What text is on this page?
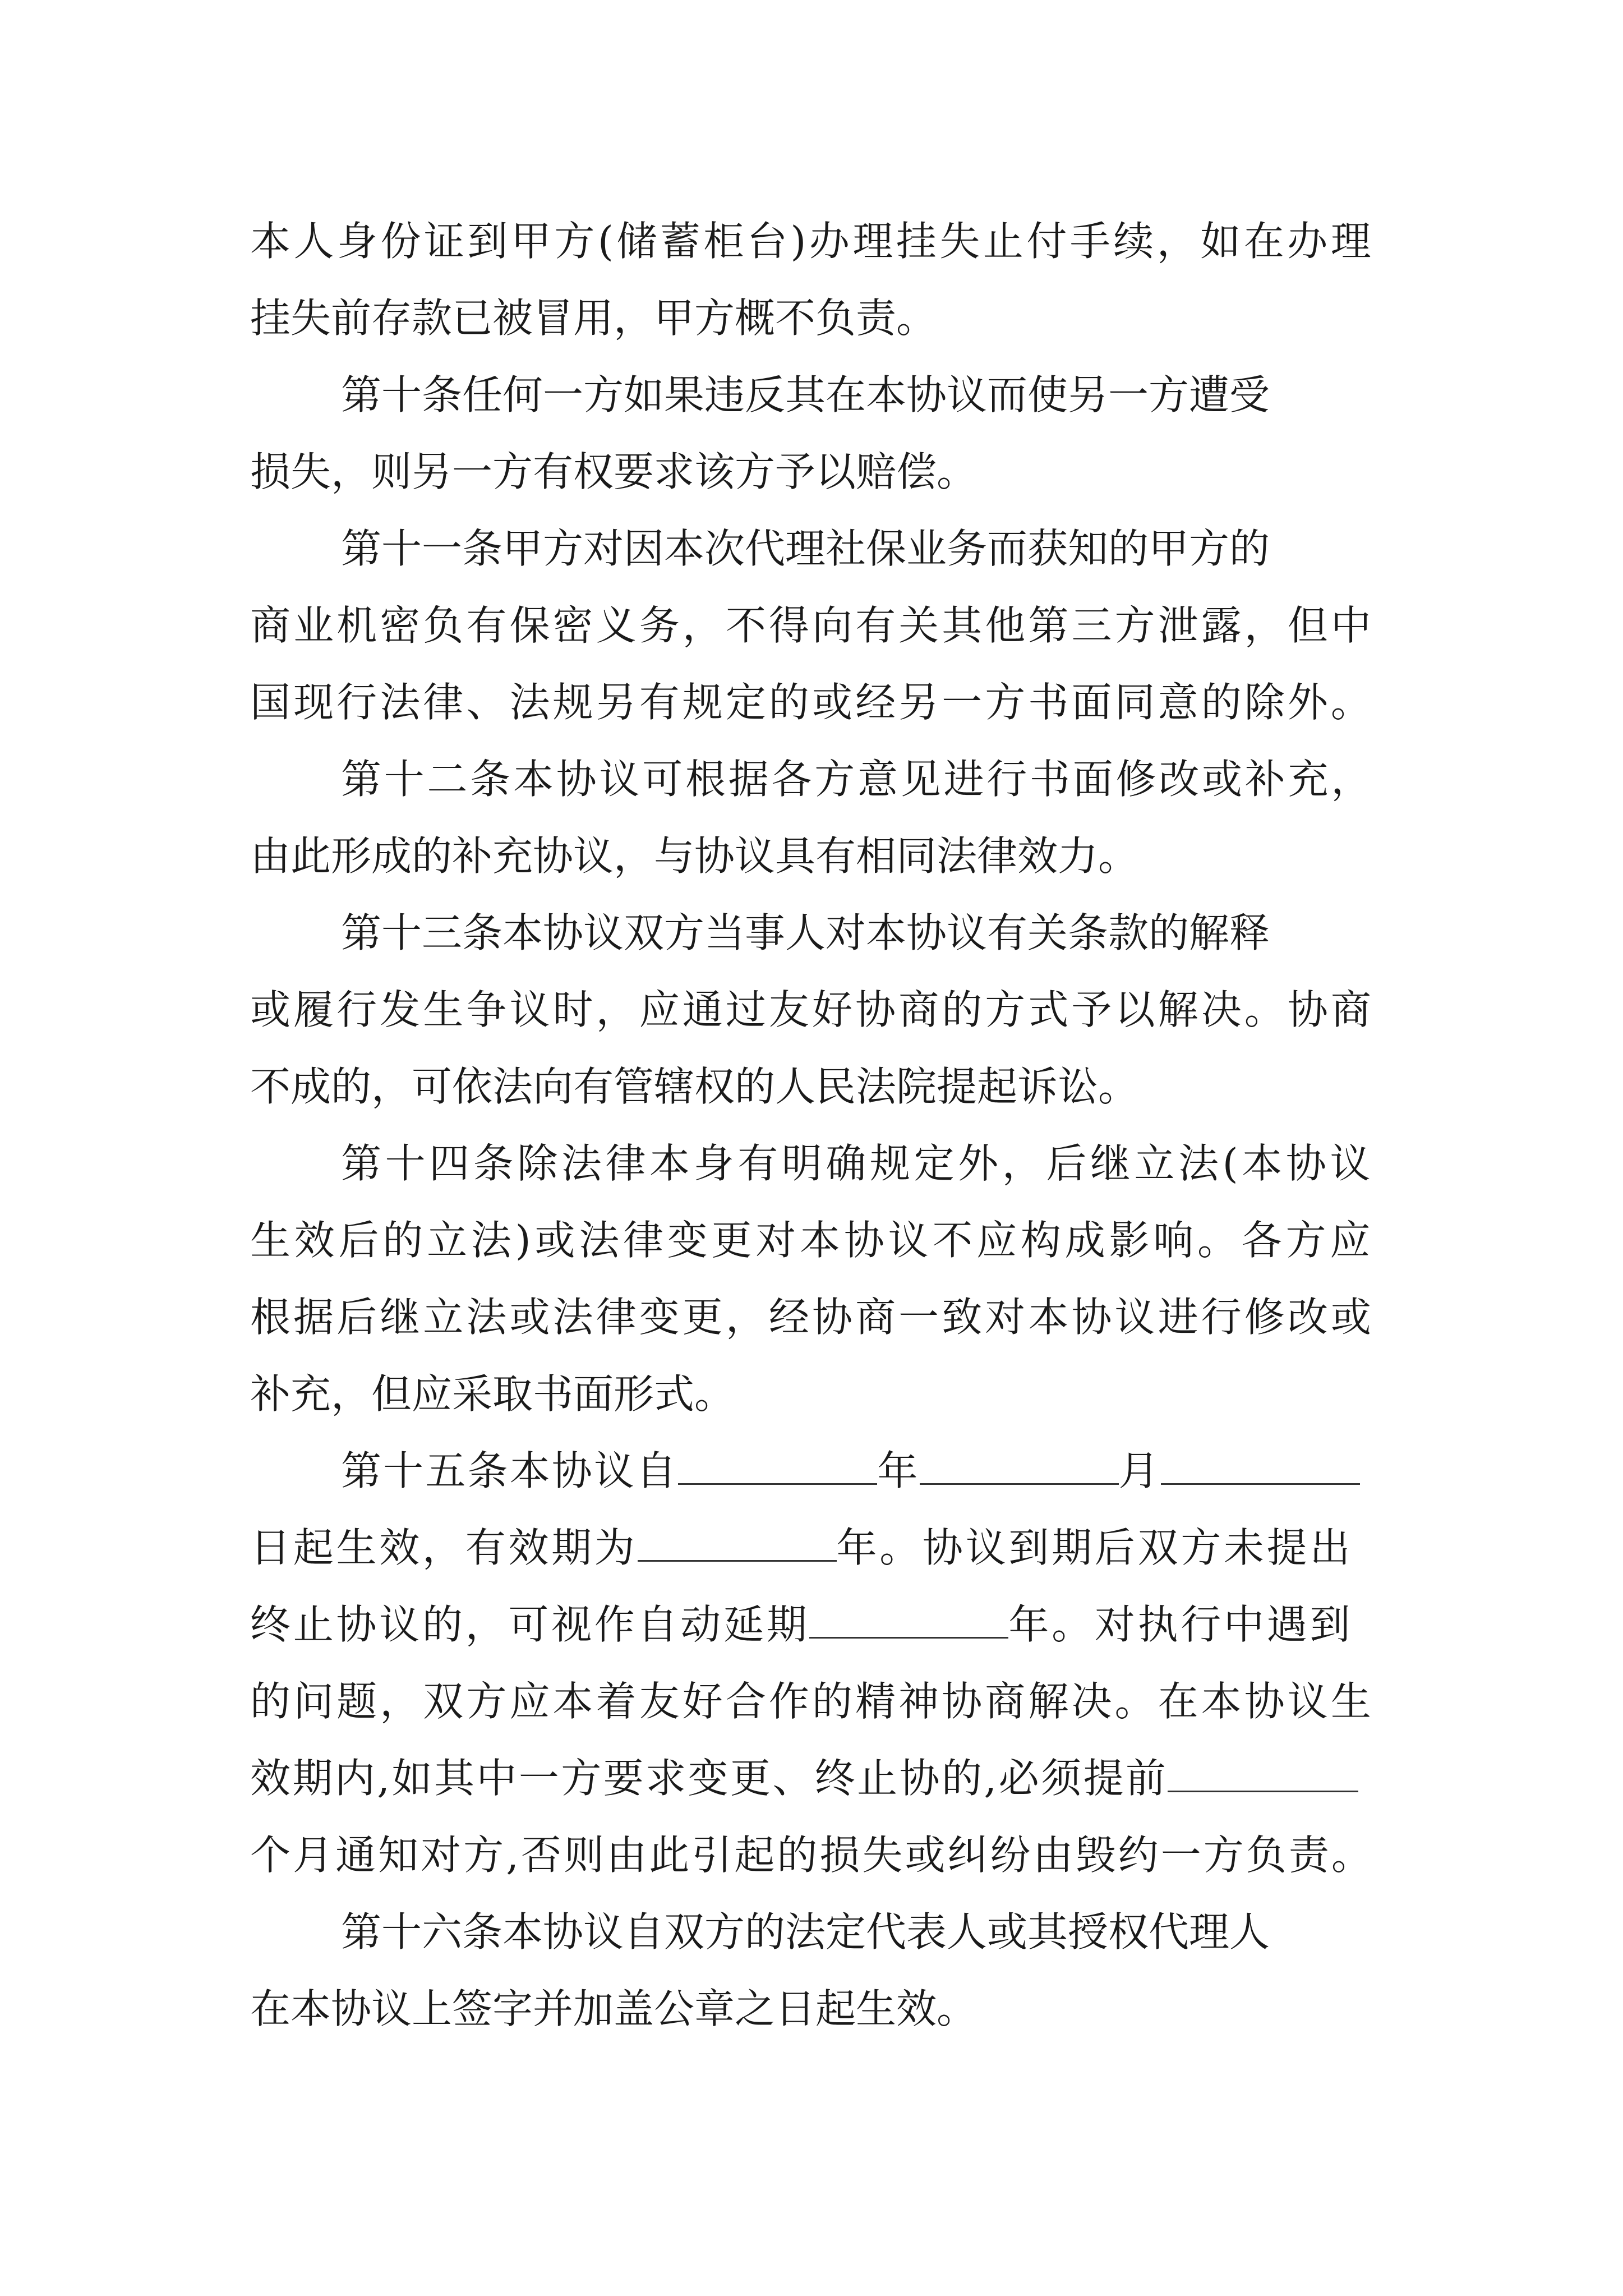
本人身份证到甲方(储蓄柜台)办理挂失止付手续，如在办理
挂失前存款已被冒用，甲方概不负责。
第十条任何一方如果违反其在本协议而使另一方遭受
损失，则另一方有权要求该方予以赔偿。
第十一条甲方对因本次代理社保业务而获知的甲方的
商业机密负有保密义务，不得向有关其他第三方泄露，但中
国现行法律、法规另有规定的或经另一方书面同意的除外。
第十二条本协议可根据各方意见进行书面修改或补充，
由此形成的补充协议，与协议具有相同法律效力。
第十三条本协议双方当事人对本协议有关条款的解释
或履行发生争议时，应通过友好协商的方式予以解决。协商
不成的，可依法向有管辖权的人民法院提起诉讼。
第十四条除法律本身有明确规定外，后继立法(本协议
生效后的立法)或法律变更对本协议不应构成影响。各方应
根据后继立法或法律变更，经协商一致对本协议进行修改或
补充，但应采取书面形式。
第十五条本协议自	年	月
日起生效，有效期为	年。协议到期后双方未提出
终止协议的，可视作自动延期	年。对执行中遇到
的问题，双方应本着友好合作的精神协商解决。在本协议生
效期内,如其中一方要求变更、终止协的,必须提前
个月通知对方,否则由此引起的损失或纠纷由毁约一方负责。
第十六条本协议自双方的法定代表人或其授权代理人
在本协议上签字并加盖公章之日起生效。
